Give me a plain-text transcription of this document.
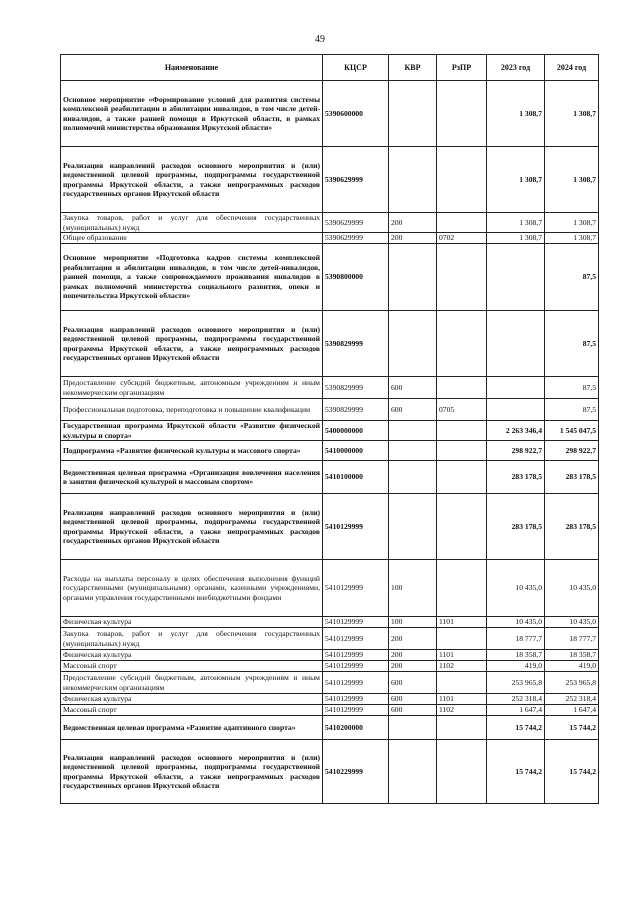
49
Наименование	КЦСР	КВР	РзПР	2023 год	2024 год
Основное мероприятие «Формирование условий для развития системы комплексной реабилитации и абилитации инвалидов, в том числе детей-инвалидов, а также ранней помощи в Иркутской области, в рамках полномочий министерства образования Иркутской области»	5390600000			1 308,7	1 308,7
Реализация направлений расходов основного мероприятия и (или) ведомственной целевой программы, подпрограммы государственной программы Иркутской области, а также непрограммных расходов государственных органов Иркутской области	5390629999			1 308,7	1 308,7
Закупка товаров, работ и услуг для обеспечения государственных (муниципальных) нужд	5390629999	200		1 308,7	1 308,7
Общее образование	5390629999	200	0702	1 308,7	1 308,7
Основное мероприятие «Подготовка кадров системы комплексной реабилитации и абилитации инвалидов, в том числе детей-инвалидов, ранней помощи, а также сопровождаемого проживания инвалидов в рамках полномочий министерства социального развития, опеки и попечительства Иркутской области»	5390800000				87,5
Реализация направлений расходов основного мероприятия и (или) ведомственной целевой программы, подпрограммы государственной программы Иркутской области, а также непрограммных расходов государственных органов Иркутской области	5390829999				87,5
Предоставление субсидий бюджетным, автономным учреждениям и иным некоммерческим организациям	5390829999	600			87,5
Профессиональная подготовка, переподготовка и повышение квалификации	5390829999	600	0705		87,5
Государственная программа Иркутской области «Развитие физической культуры и спорта»	5400000000			2 263 346,4	1 545 047,5
Подпрограмма «Развитие физической культуры и массового спорта»	5410000000			298 922,7	298 922,7
Ведомственная целевая программа «Организация вовлечения населения в занятия физической культурой и массовым спортом»	5410100000			283 178,5	283 178,5
Реализация направлений расходов основного мероприятия и (или) ведомственной целевой программы, подпрограммы государственной программы Иркутской области, а также непрограммных расходов государственных органов Иркутской области	5410129999			283 178,5	283 178,5
Расходы на выплаты персоналу в целях обеспечения выполнения функций государственными (муниципальными) органами, казенными учреждениями, органами управления государственными внебюджетными фондами	5410129999	100		10 435,0	10 435,0
Физическая культура	5410129999	100	1101	10 435,0	10 435,0
Закупка товаров, работ и услуг для обеспечения государственных (муниципальных) нужд	5410129999	200		18 777,7	18 777,7
Физическая культура	5410129999	200	1101	18 358,7	18 358,7
Массовый спорт	5410129999	200	1102	419,0	419,0
Предоставление субсидий бюджетным, автономным учреждениям и иным некоммерческим организациям	5410129999	600		253 965,8	253 965,8
Физическая культура	5410129999	600	1101	252 318,4	252 318,4
Массовый спорт	5410129999	600	1102	1 647,4	1 647,4
Ведомственная целевая программа «Развитие адаптивного спорта»	5410200000			15 744,2	15 744,2
Реализация направлений расходов основного мероприятия и (или) ведомственной целевой программы, подпрограммы государственной программы Иркутской области, а также непрограммных расходов государственных органов Иркутской области	5410229999			15 744,2	15 744,2
